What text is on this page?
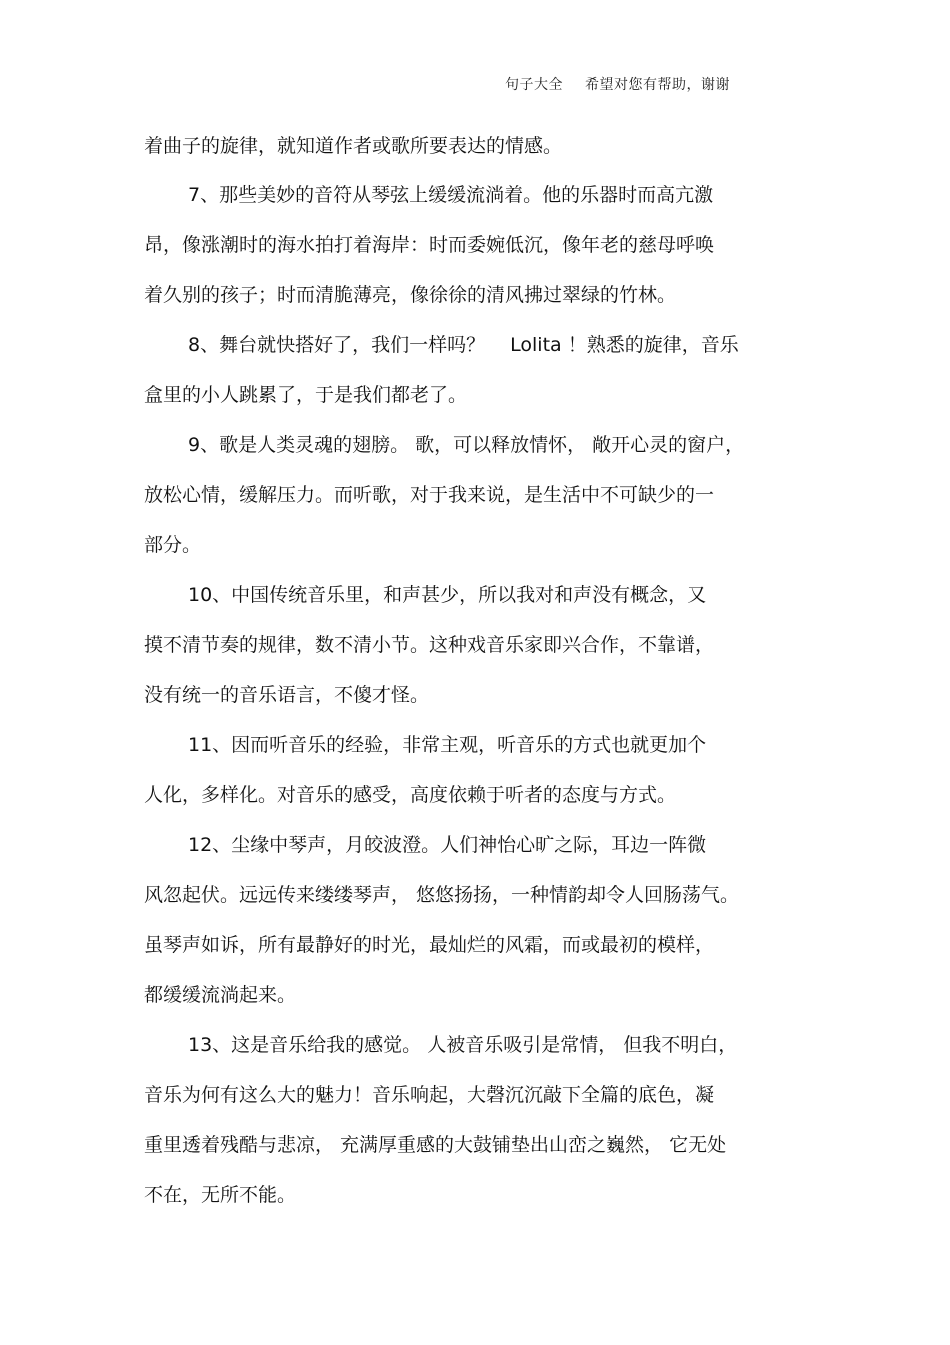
句子大全 希望对您有帮助，谢谢
着曲子的旋律，就知道作者或歌所要表达的情感。
7、那些美妙的音符从琴弦上缓缓流淌着。他的乐器时而高亢激
昂，像涨潮时的海水拍打着海岸：时而委婉低沉，像年老的慈母呼唤
着久别的孩子；时而清脆薄亮，像徐徐的清风拂过翠绿的竹林。
8、舞台就快搭好了，我们一样吗？　 Lolita ！熟悉的旋律，音乐
盒里的小人跳累了，于是我们都老了。
9、歌是人类灵魂的翅膀。 歌，可以释放情怀， 敞开心灵的窗户，
放松心情，缓解压力。而听歌，对于我来说，是生活中不可缺少的一
部分。
10、中国传统音乐里，和声甚少，所以我对和声没有概念，又
摸不清节奏的规律，数不清小节。这种戏音乐家即兴合作，不靠谱，
没有统一的音乐语言，不傻才怪。
11、因而听音乐的经验，非常主观，听音乐的方式也就更加个
人化，多样化。对音乐的感受，高度依赖于听者的态度与方式。
12、尘缘中琴声，月皎波澄。人们神怡心旷之际，耳边一阵微
风忽起伏。远远传来缕缕琴声， 悠悠扬扬，一种情韵却令人回肠荡气。
虽琴声如诉，所有最静好的时光，最灿烂的风霜，而或最初的模样，
都缓缓流淌起来。
13、这是音乐给我的感觉。 人被音乐吸引是常情， 但我不明白，
音乐为何有这么大的魅力！音乐响起，大磬沉沉敲下全篇的底色，凝
重里透着残酷与悲凉， 充满厚重感的大鼓铺垫出山峦之巍然， 它无处
不在，无所不能。
